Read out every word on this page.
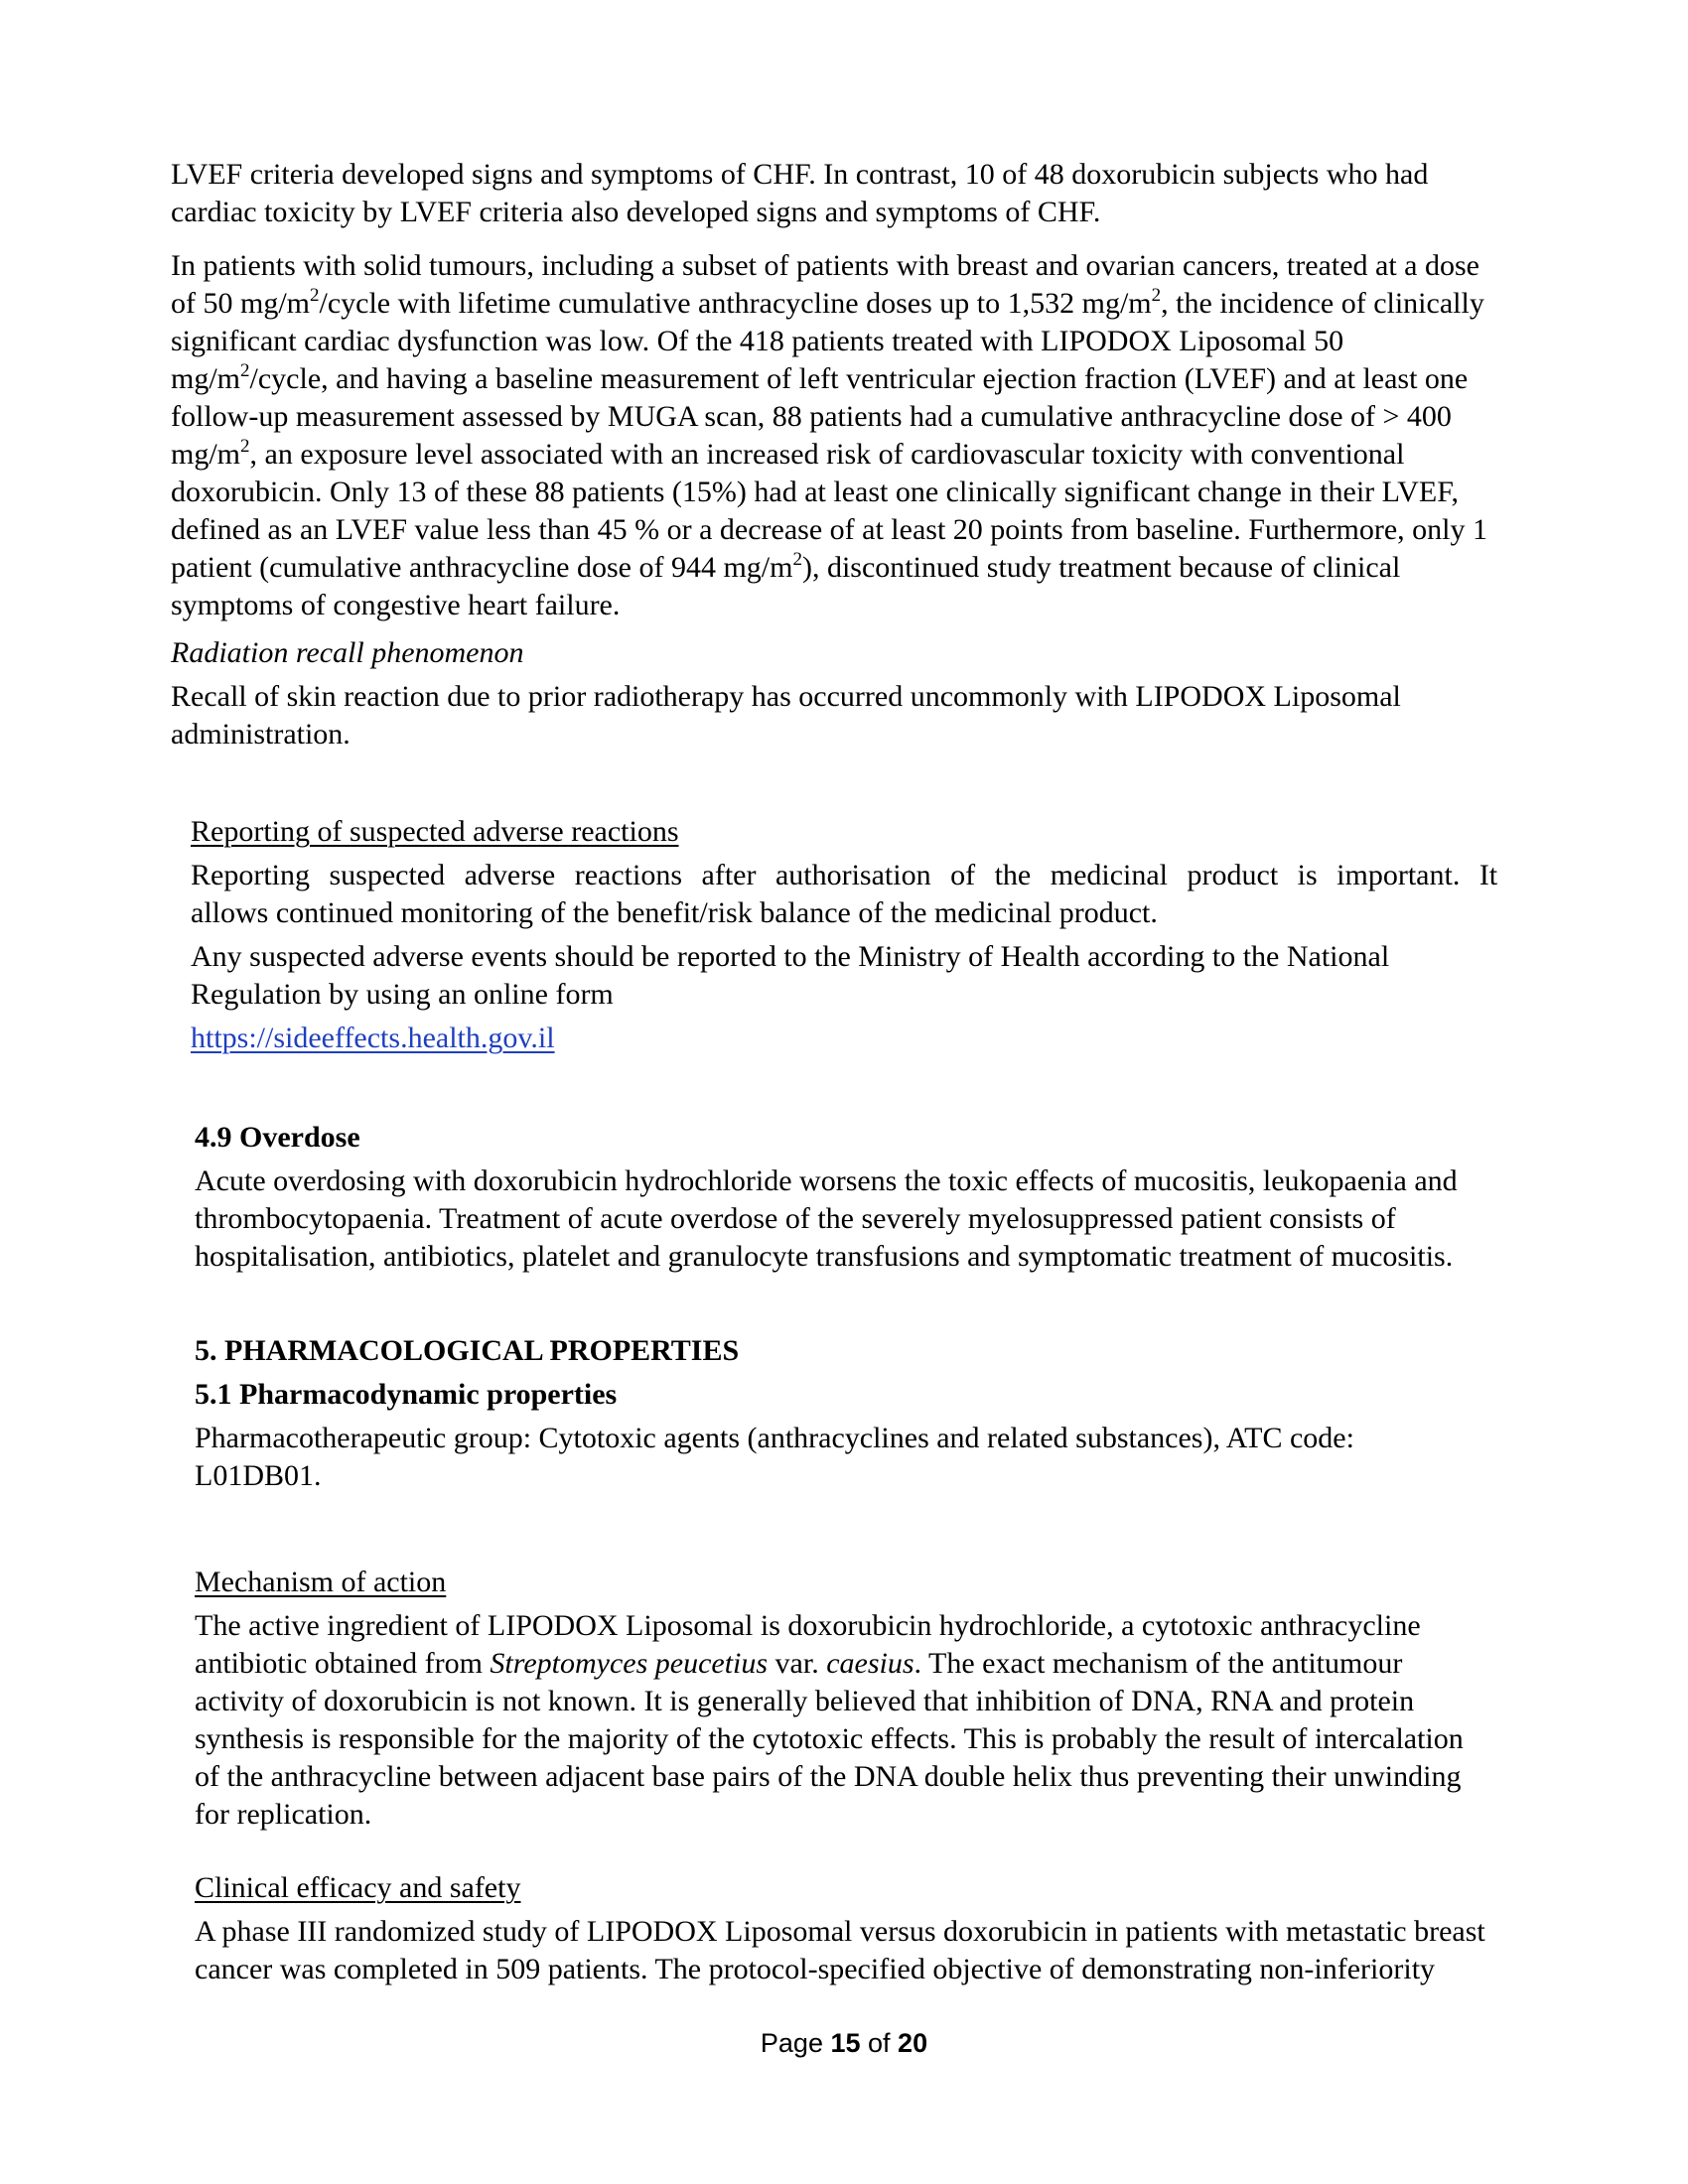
LVEF criteria developed signs and symptoms of CHF. In contrast, 10 of 48 doxorubicin subjects who had
cardiac toxicity by LVEF criteria also developed signs and symptoms of CHF.
In patients with solid tumours, including a subset of patients with breast and ovarian cancers, treated at a dose
of 50 $mg/m^2$/cycle with lifetime cumulative anthracycline doses up to 1,532 $mg/m^2$, the incidence of clinically
significant cardiac dysfunction was low. Of the 418 patients treated with LIPODOX Liposomal 50
$mg/m^2$/cycle, and having a baseline measurement of left ventricular ejection fraction (LVEF) and at least one
follow-up measurement assessed by MUGA scan, 88 patients had a cumulative anthracycline dose of > 400
$mg/m^2$, an exposure level associated with an increased risk of cardiovascular toxicity with conventional
doxorubicin. Only 13 of these 88 patients (15%) had at least one clinically significant change in their LVEF,
defined as an LVEF value less than 45 % or a decrease of at least 20 points from baseline. Furthermore, only 1
patient (cumulative anthracycline dose of 944 $mg/m^2$), discontinued study treatment because of clinical
symptoms of congestive heart failure.
Radiation recall phenomenon
Recall of skin reaction due to prior radiotherapy has occurred uncommonly with LIPODOX Liposomal
administration.
Reporting of suspected adverse reactions
Reporting suspected adverse reactions after authorisation of the medicinal product is important. It
allows continued monitoring of the benefit/risk balance of the medicinal product.
Any suspected adverse events should be reported to the Ministry of Health according to the National
Regulation by using an online form
https://sideeffects.health.gov.il
4.9 Overdose
Acute overdosing with doxorubicin hydrochloride worsens the toxic effects of mucositis, leukopaenia and
thrombocytopaenia. Treatment of acute overdose of the severely myelosuppressed patient consists of
hospitalisation, antibiotics, platelet and granulocyte transfusions and symptomatic treatment of mucositis.
5. PHARMACOLOGICAL PROPERTIES
5.1 Pharmacodynamic properties
Pharmacotherapeutic group: Cytotoxic agents (anthracyclines and related substances), ATC code:
L01DB01.
Mechanism of action
The active ingredient of LIPODOX Liposomal is doxorubicin hydrochloride, a cytotoxic anthracycline
antibiotic obtained from Streptomyces peucetius var. caesius. The exact mechanism of the antitumour
activity of doxorubicin is not known. It is generally believed that inhibition of DNA, RNA and protein
synthesis is responsible for the majority of the cytotoxic effects. This is probably the result of intercalation
of the anthracycline between adjacent base pairs of the DNA double helix thus preventing their unwinding
for replication.
Clinical efficacy and safety
A phase III randomized study of LIPODOX Liposomal versus doxorubicin in patients with metastatic breast
cancer was completed in 509 patients. The protocol-specified objective of demonstrating non-inferiority
Page 15 of 20
